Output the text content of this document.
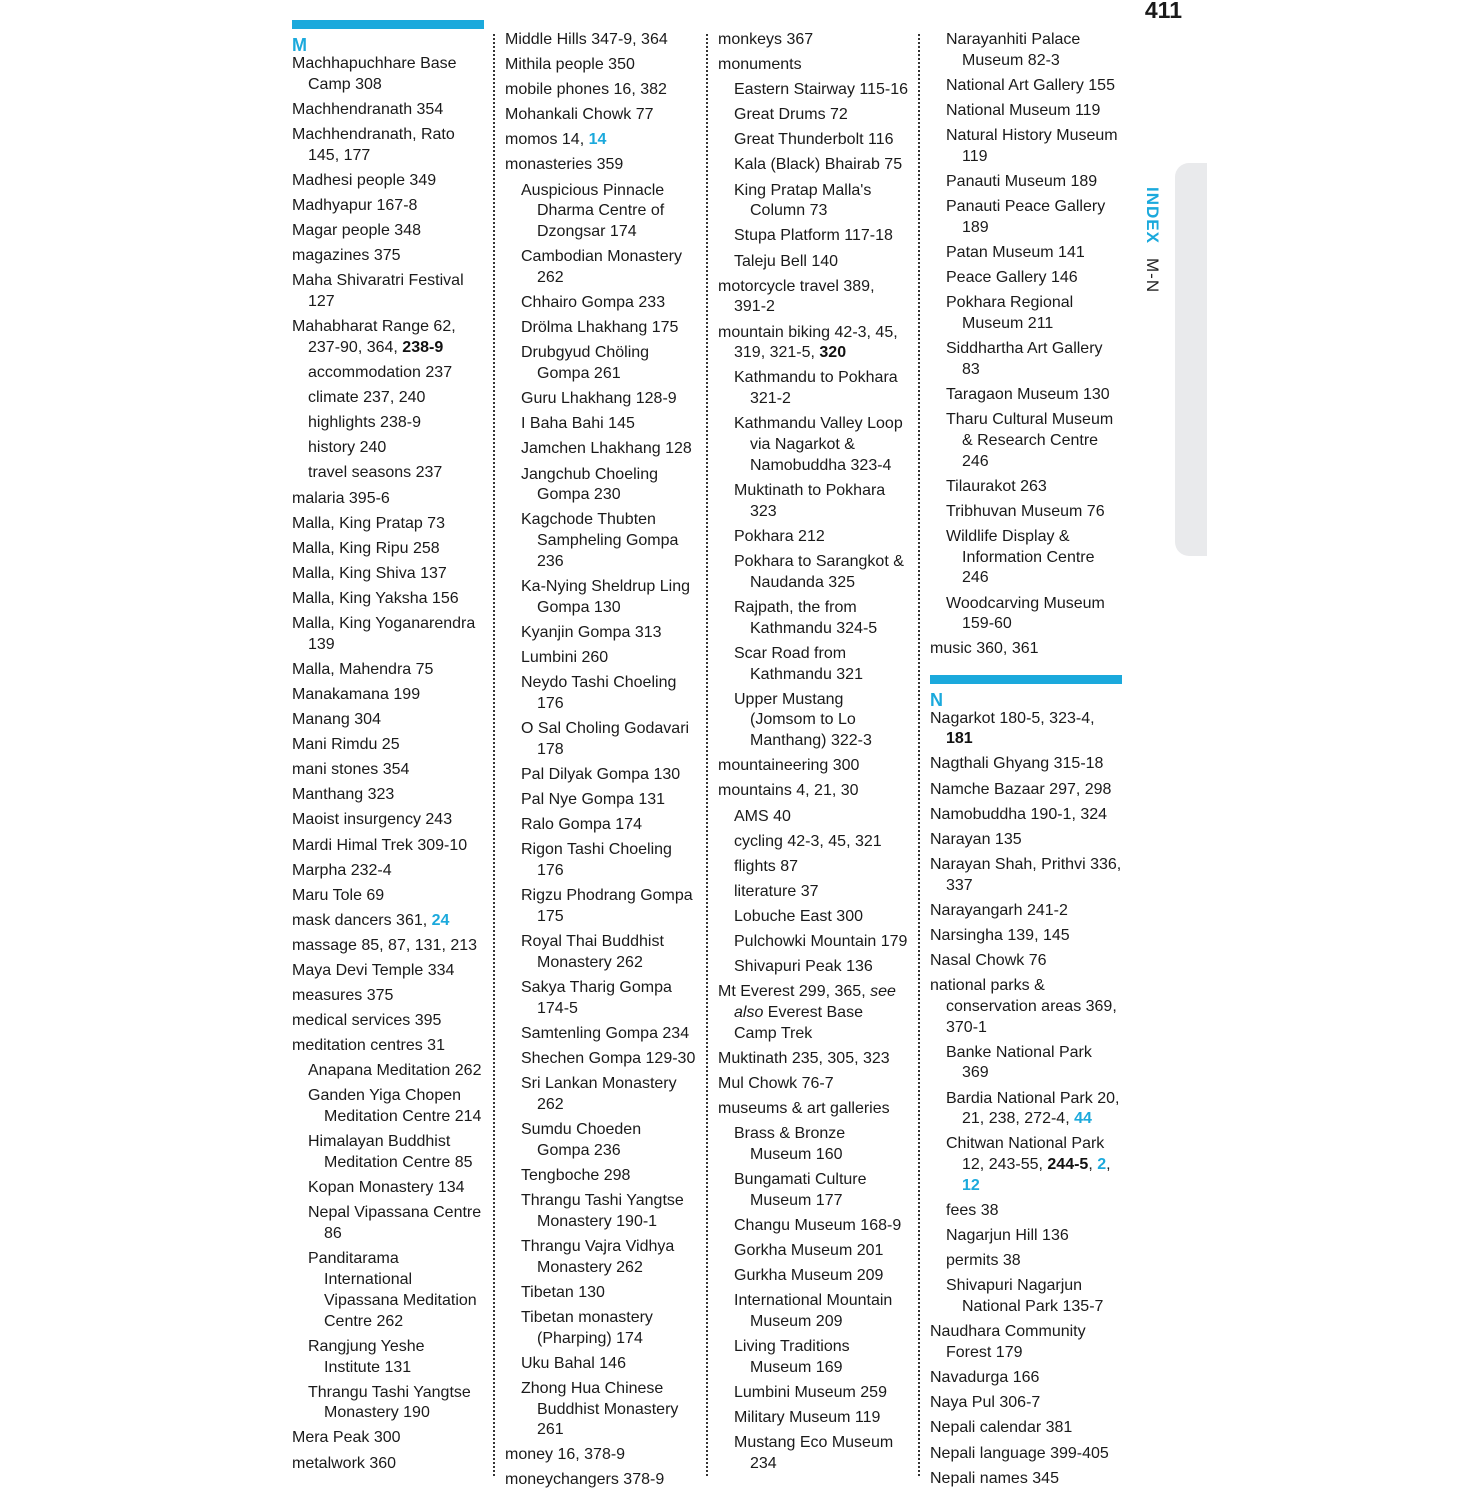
411
M
Machhapuchhare Base Camp 308
Machhendranath 354
Machhendranath, Rato 145, 177
Madhesi people 349
Madhyapur 167-8
Magar people 348
magazines 375
Maha Shivaratri Festival 127
Mahabharat Range 62, 237-90, 364, 238-9
accommodation 237
climate 237, 240
highlights 238-9
history 240
travel seasons 237
malaria 395-6
Malla, King Pratap 73
Malla, King Ripu 258
Malla, King Shiva 137
Malla, King Yaksha 156
Malla, King Yoganarendra 139
Malla, Mahendra 75
Manakamana 199
Manang 304
Mani Rimdu 25
mani stones 354
Manthang 323
Maoist insurgency 243
Mardi Himal Trek 309-10
Marpha 232-4
Maru Tole 69
mask dancers 361, 24
massage 85, 87, 131, 213
Maya Devi Temple 334
measures 375
medical services 395
meditation centres 31
Anapana Meditation 262
Ganden Yiga Chopen Meditation Centre 214
Himalayan Buddhist Meditation Centre 85
Kopan Monastery 134
Nepal Vipassana Centre 86
Panditarama International Vipassana Meditation Centre 262
Rangjung Yeshe Institute 131
Thrangu Tashi Yangtse Monastery 190
Mera Peak 300
metalwork 360
Middle Hills 347-9, 364
Mithila people 350
mobile phones 16, 382
Mohankali Chowk 77
momos 14, 14
monasteries 359
Auspicious Pinnacle Dharma Centre of Dzongsar 174
Cambodian Monastery 262
Chhairo Gompa 233
Drölma Lhakhang 175
Drubgyud Chöling Gompa 261
Guru Lhakhang 128-9
I Baha Bahi 145
Jamchen Lhakhang 128
Jangchub Choeling Gompa 230
Kagchode Thubten Sampheling Gompa 236
Ka-Nying Sheldrup Ling Gompa 130
Kyanjin Gompa 313
Lumbini 260
Neydo Tashi Choeling 176
O Sal Choling Godavari 178
Pal Dilyak Gompa 130
Pal Nye Gompa 131
Ralo Gompa 174
Rigon Tashi Choeling 176
Rigzu Phodrang Gompa 175
Royal Thai Buddhist Monastery 262
Sakya Tharig Gompa 174-5
Samtenling Gompa 234
Shechen Gompa 129-30
Sri Lankan Monastery 262
Sumdu Choeden Gompa 236
Tengboche 298
Thrangu Tashi Yangtse Monastery 190-1
Thrangu Vajra Vidhya Monastery 262
Tibetan 130
Tibetan monastery (Pharping) 174
Uku Bahal 146
Zhong Hua Chinese Buddhist Monastery 261
money 16, 378-9
moneychangers 378-9
monkeys 367
monuments
Eastern Stairway 115-16
Great Drums 72
Great Thunderbolt 116
Kala (Black) Bhairab 75
King Pratap Malla's Column 73
Stupa Platform 117-18
Taleju Bell 140
motorcycle travel 389, 391-2
mountain biking 42-3, 45, 319, 321-5, 320
Kathmandu to Pokhara 321-2
Kathmandu Valley Loop via Nagarkot & Namobuddha 323-4
Muktinath to Pokhara 323
Pokhara 212
Pokhara to Sarangkot & Naudanda 325
Rajpath, the from Kathmandu 324-5
Scar Road from Kathmandu 321
Upper Mustang (Jomsom to Lo Manthang) 322-3
mountaineering 300
mountains 4, 21, 30
AMS 40
cycling 42-3, 45, 321
flights 87
literature 37
Lobuche East 300
Pulchowki Mountain 179
Shivapuri Peak 136
Mt Everest 299, 365, see also Everest Base Camp Trek
Muktinath 235, 305, 323
Mul Chowk 76-7
museums & art galleries
Brass & Bronze Museum 160
Bungamati Culture Museum 177
Changu Museum 168-9
Gorkha Museum 201
Gurkha Museum 209
International Mountain Museum 209
Living Traditions Museum 169
Lumbini Museum 259
Military Museum 119
Mustang Eco Museum 234
Narayanhiti Palace Museum 82-3
National Art Gallery 155
National Museum 119
Natural History Museum 119
Panauti Museum 189
Panauti Peace Gallery 189
Patan Museum 141
Peace Gallery 146
Pokhara Regional Museum 211
Siddhartha Art Gallery 83
Taragaon Museum 130
Tharu Cultural Museum & Research Centre 246
Tilaurakot 263
Tribhuvan Museum 76
Wildlife Display & Information Centre 246
Woodcarving Museum 159-60
music 360, 361
N
Nagarkot 180-5, 323-4, 181
Nagthali Ghyang 315-18
Namche Bazaar 297, 298
Namobuddha 190-1, 324
Narayan 135
Narayan Shah, Prithvi 336, 337
Narayangarh 241-2
Narsingha 139, 145
Nasal Chowk 76
national parks & conservation areas 369, 370-1
Banke National Park 369
Bardia National Park 20, 21, 238, 272-4, 44
Chitwan National Park 12, 243-55, 244-5, 2, 12
fees 38
Nagarjun Hill 136
permits 38
Shivapuri Nagarjun National Park 135-7
Naudhara Community Forest 179
Navadurga 166
Naya Pul 306-7
Nepali calendar 381
Nepali language 399-405
Nepali names 345
INDEX M-N
